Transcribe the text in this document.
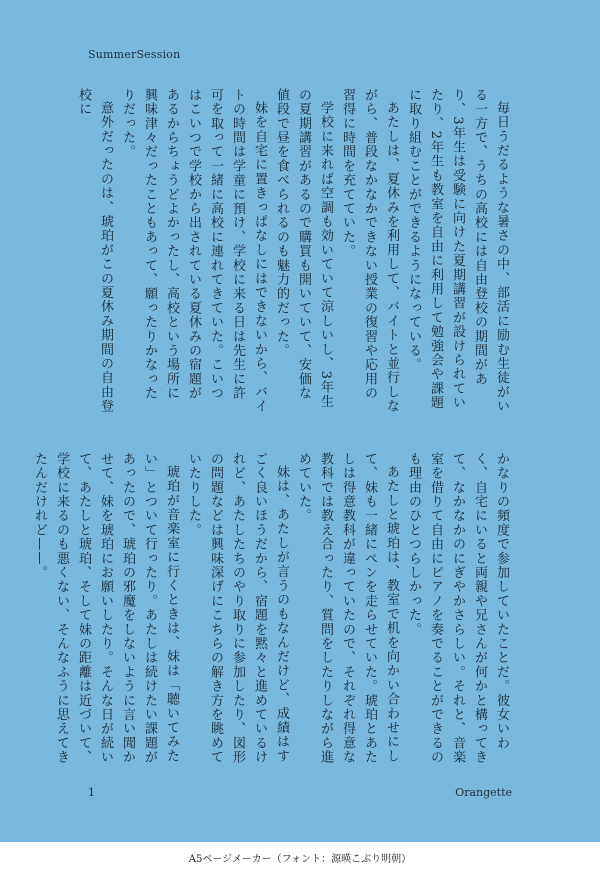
SummerSession

毎日うだるような暑さの中、部活に励む生徒がいる一方で、うちの高校には自由登校の期間があり、3年生は受験に向けた夏期講習が設けられていたり、2年生も教室を自由に利用して勉強会や課題に取り組むことができるようになっている。

あたしは、夏休みを利用して、バイトと並行しながら、普段なかなかできない授業の復習や応用の習得に時間を充てていた。

学校に来れば空調も効いていて涼しいし、3年生の夏期講習があるので購買も開いていて、安価な値段で昼を食べられるのも魅力的だった。

妹を自宅に置きっぱなしにはできないから、バイトの時間は学童に預け、学校に来る日は先生に許可を取って一緒に高校に連れてきていた。こいつはこいつで学校から出されている夏休みの宿題があるからちょうどよかったし、高校という場所に興味津々だったこともあって、願ったりかなったりだった。

意外だったのは、琥珀がこの夏休み期間の自由登校に

かなりの頻度で参加していたことだ。彼女いわく、自宅にいると両親や兄さんが何かと構ってきて、なかなかのにぎやかさらしい。それと、音楽室を借りて自由にピアノを奏でることができるのも理由のひとつらしかった。

あたしと琥珀は、教室で机を向かい合わせにして、妹も一緒にペンを走らせていた。琥珀とあたしは得意教科が違っていたので、それぞれ得意な教科では教え合ったり、質問をしたりしながら進めていた。

妹は、あたしが言うのもなんだけど、成績はすごく良いほうだから、宿題を黙々と進めているけれど、あたしたちのやり取りに参加したり、図形の問題などは興味深げにこちらの解き方を眺めていたりした。

琥珀が音楽室に行くときは、妹は「聴いてみたい」とついて行ったり。あたしは続けたい課題があったので、琥珀の邪魔をしないように言い聞かせて、妹を琥珀にお願いしたり。そんな日が続いて、あたしと琥珀、そして妹の距離は近づいて、学校に来るのも悪くない、そんなふうに思えてきたんだけれど——。

1	Orangette
A5ページメーカー（フォント：源暎こぶり明朝）
